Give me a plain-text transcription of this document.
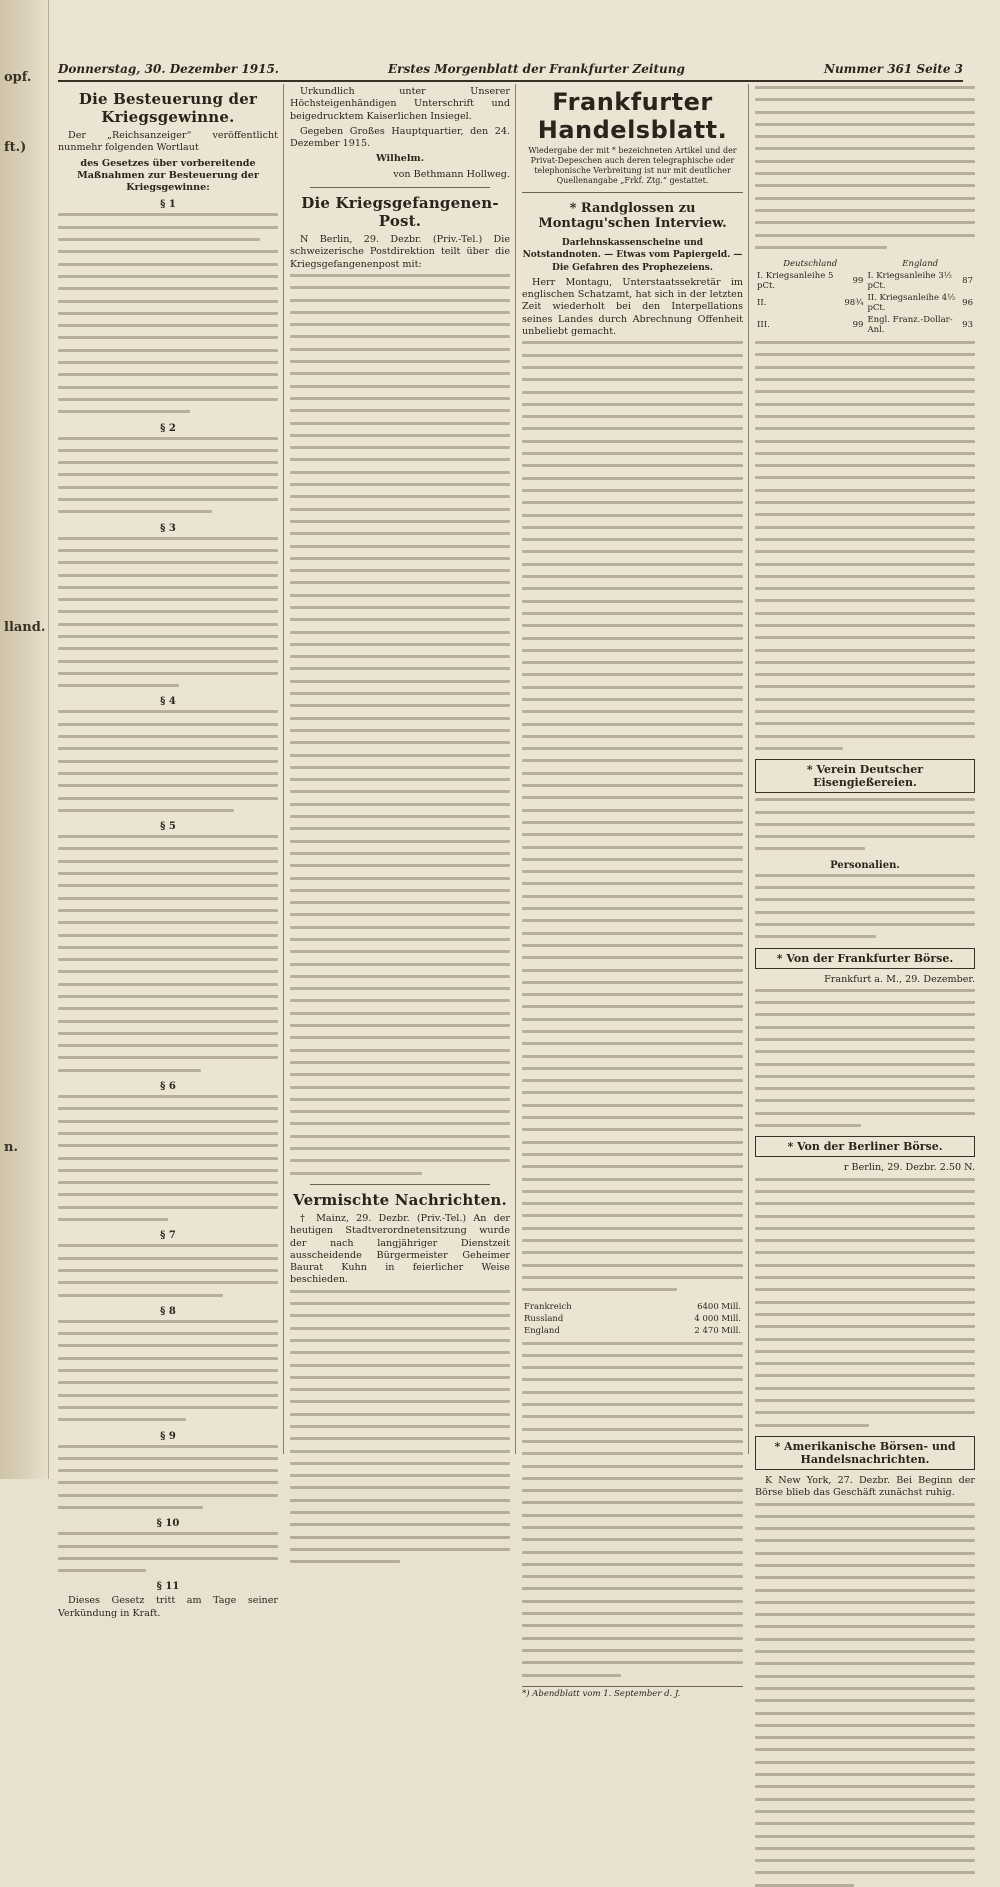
opf.
ft.)
lland.
n.
Donnerstag, 30. Dezember 1915.	Erstes Morgenblatt der Frankfurter Zeitung	Nummer 361 Seite 3
Die Besteuerung der Kriegsgewinne.
Der „Reichsanzeiger“ veröffentlicht nunmehr folgenden Wortlaut
des Gesetzes über vorbereitende Maßnahmen zur Besteuerung der Kriegsgewinne:
§ 1
§ 2
§ 3
§ 4
§ 5
§ 6
§ 7
§ 8
§ 9
§ 10
§ 11
Dieses Gesetz tritt am Tage seiner Verkündung in Kraft.
Urkundlich unter Unserer Höchsteigenhändigen Unterschrift und beigedrucktem Kaiserlichen Insiegel.
Gegeben Großes Hauptquartier, den 24. Dezember 1915.
Wilhelm.
von Bethmann Hollweg.
Die Kriegsgefangenen-Post.
N Berlin, 29. Dezbr. (Priv.-Tel.) Die schweizerische Postdirektion teilt über die Kriegsgefangenenpost mit:
Vermischte Nachrichten.
† Mainz, 29. Dezbr. (Priv.-Tel.) An der heutigen Stadtverordnetensitzung wurde der nach langjähriger Dienstzeit ausscheidende Bürgermeister Geheimer Baurat Kuhn in feierlicher Weise beschieden.
Frankfurter Handelsblatt.
Wiedergabe der mit * bezeichneten Artikel und der Privat-Depeschen auch deren telegraphische oder telephonische Verbreitung ist nur mit deutlicher Quellenangabe „Frkf. Ztg.“ gestattet.
* Randglossen zu Montagu'schen Interview.
Darlehnskassenscheine und Notstandnoten. — Etwas vom Papiergeld. — Die Gefahren des Prophezeiens.
Herr Montagu, Unterstaatssekretär im englischen Schatzamt, hat sich in der letzten Zeit wiederholt bei den Interpellations seines Landes durch Abrechnung Offenheit unbeliebt gemacht.
Frankreich	6400 Mill.
Russland	4 000 Mill.
England	2 470 Mill.
*) Abendblatt vom 1. September d. J.
Deutschland		England	
I. Kriegsanleihe 5 pCt.	99	I. Kriegsanleihe 3½ pCt.	87
II.	98¾	II. Kriegsanleihe 4½ pCt.	96
III.	99	Engl. Franz.-Dollar-Anl.	93
* Verein Deutscher Eisengießereien.
Personalien.
* Von der Frankfurter Börse.
Frankfurt a. M., 29. Dezember.
* Von der Berliner Börse.
r Berlin, 29. Dezbr. 2.50 N.
* Amerikanische Börsen- und Handelsnachrichten.
K New York, 27. Dezbr. Bei Beginn der Börse blieb das Geschäft zunächst ruhig.
